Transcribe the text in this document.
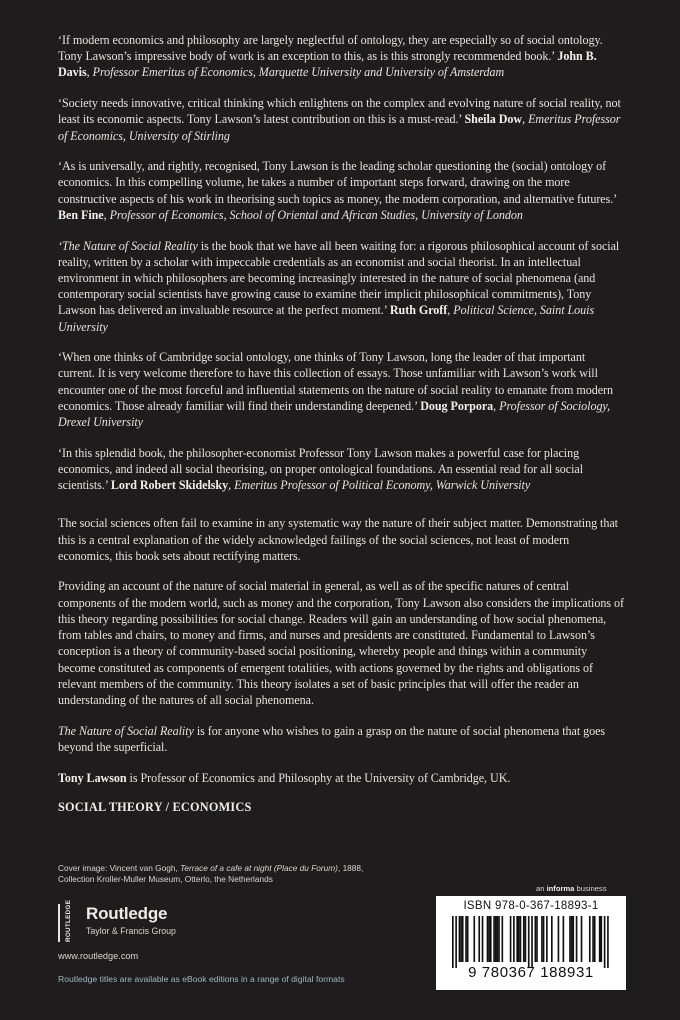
‘If modern economics and philosophy are largely neglectful of ontology, they are especially so of social ontology. Tony Lawson’s impressive body of work is an exception to this, as is this strongly recommended book.’ John B. Davis, Professor Emeritus of Economics, Marquette University and University of Amsterdam

‘Society needs innovative, critical thinking which enlightens on the complex and evolving nature of social reality, not least its economic aspects. Tony Lawson’s latest contribution on this is a must-read.’ Sheila Dow, Emeritus Professor of Economics, University of Stirling

‘As is universally, and rightly, recognised, Tony Lawson is the leading scholar questioning the (social) ontology of economics. In this compelling volume, he takes a number of important steps forward, drawing on the more constructive aspects of his work in theorising such topics as money, the modern corporation, and alternative futures.’ Ben Fine, Professor of Economics, School of Oriental and African Studies, University of London

‘The Nature of Social Reality is the book that we have all been waiting for: a rigorous philosophical account of social reality, written by a scholar with impeccable credentials as an economist and social theorist. In an intellectual environment in which philosophers are becoming increasingly interested in the nature of social phenomena (and contemporary social scientists have growing cause to examine their implicit philosophical commitments), Tony Lawson has delivered an invaluable resource at the perfect moment.’ Ruth Groff, Political Science, Saint Louis University

‘When one thinks of Cambridge social ontology, one thinks of Tony Lawson, long the leader of that important current. It is very welcome therefore to have this collection of essays. Those unfamiliar with Lawson’s work will encounter one of the most forceful and influential statements on the nature of social reality to emanate from modern economics. Those already familiar will find their understanding deepened.’ Doug Porpora, Professor of Sociology, Drexel University

‘In this splendid book, the philosopher-economist Professor Tony Lawson makes a powerful case for placing economics, and indeed all social theorising, on proper ontological foundations. An essential read for all social scientists.’ Lord Robert Skidelsky, Emeritus Professor of Political Economy, Warwick University

The social sciences often fail to examine in any systematic way the nature of their subject matter. Demonstrating that this is a central explanation of the widely acknowledged failings of the social sciences, not least of modern economics, this book sets about rectifying matters.

Providing an account of the nature of social material in general, as well as of the specific natures of central components of the modern world, such as money and the corporation, Tony Lawson also considers the implications of this theory regarding possibilities for social change. Readers will gain an understanding of how social phenomena, from tables and chairs, to money and firms, and nurses and presidents are constituted. Fundamental to Lawson’s conception is a theory of community-based social positioning, whereby people and things within a community become constituted as components of emergent totalities, with actions governed by the rights and obligations of relevant members of the community. This theory isolates a set of basic principles that will offer the reader an understanding of the natures of all social phenomena.

The Nature of Social Reality is for anyone who wishes to gain a grasp on the nature of social phenomena that goes beyond the superficial.

Tony Lawson is Professor of Economics and Philosophy at the University of Cambridge, UK.

SOCIAL THEORY / ECONOMICS
Cover image: Vincent van Gogh, Terrace of a cafe at night (Place du Forum), 1888, Collection Kroller-Muller Museum, Otterlo, the Netherlands
ROUTLEDGE Routledge
Taylor & Francis Group
www.routledge.com
Routledge titles are available as eBook editions in a range of digital formats
an informa business
ISBN 978-0-367-18893-1
9 780367 188931
